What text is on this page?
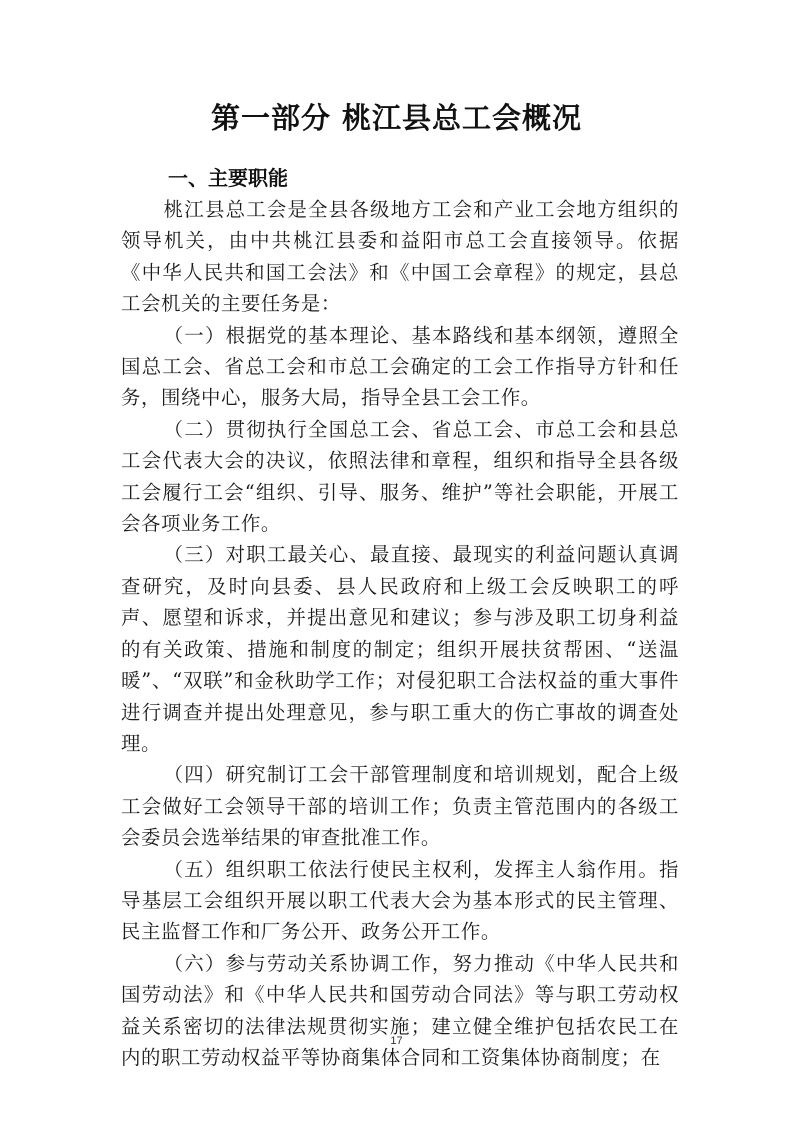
第一部分 桃江县总工会概况
一、主要职能

桃江县总工会是全县各级地方工会和产业工会地方组织的领导机关，由中共桃江县委和益阳市总工会直接领导。依据《中华人民共和国工会法》和《中国工会章程》的规定，县总工会机关的主要任务是：

（一）根据党的基本理论、基本路线和基本纲领，遵照全国总工会、省总工会和市总工会确定的工会工作指导方针和任务，围绕中心，服务大局，指导全县工会工作。

（二）贯彻执行全国总工会、省总工会、市总工会和县总工会代表大会的决议，依照法律和章程，组织和指导全县各级工会履行工会“组织、引导、服务、维护”等社会职能，开展工会各项业务工作。

（三）对职工最关心、最直接、最现实的利益问题认真调查研究，及时向县委、县人民政府和上级工会反映职工的呼声、愿望和诉求，并提出意见和建议；参与涉及职工切身利益的有关政策、措施和制度的制定；组织开展扶贫帮困、“送温暖”、“双联”和金秋助学工作；对侵犯职工合法权益的重大事件进行调查并提出处理意见，参与职工重大的伤亡事故的调查处理。

（四）研究制订工会干部管理制度和培训规划，配合上级工会做好工会领导干部的培训工作；负责主管范围内的各级工会委员会选举结果的审查批准工作。

（五）组织职工依法行使民主权利，发挥主人翁作用。指导基层工会组织开展以职工代表大会为基本形式的民主管理、民主监督工作和厂务公开、政务公开工作。

（六）参与劳动关系协调工作，努力推动《中华人民共和国劳动法》和《中华人民共和国劳动合同法》等与职工劳动权益关系密切的法律法规贯彻实施；建立健全维护包括农民工在内的职工劳动权益平等协商集体合同和工资集体协商制度；在

17
